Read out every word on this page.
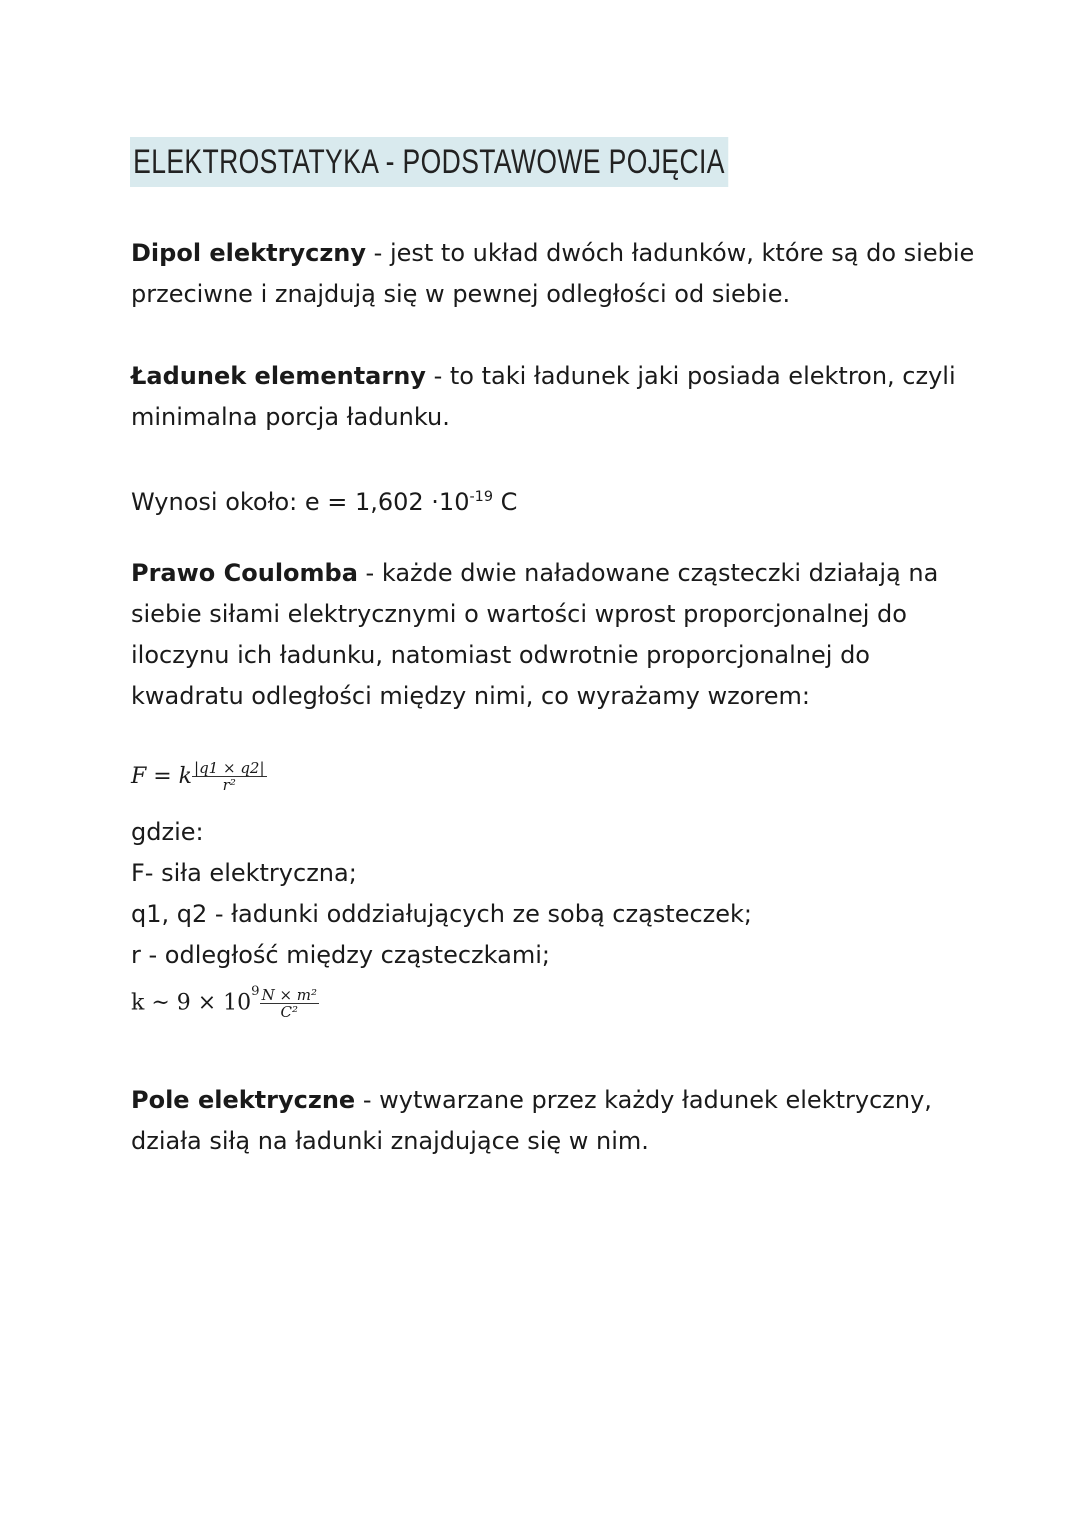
ELEKTROSTATYKA - PODSTAWOWE POJĘCIA
Dipol elektryczny - jest to układ dwóch ładunków, które są do siebie
przeciwne i znajdują się w pewnej odległości od siebie.
Ładunek elementarny - to taki ładunek jaki posiada elektron, czyli
minimalna porcja ładunku.
Wynosi około: $e = 1,602 \cdot 10^{-19}$ C
Prawo Coulomba - każde dwie naładowane cząsteczki działają na
siebie siłami elektrycznymi o wartości wprost proporcjonalnej do
iloczynu ich ładunku, natomiast odwrotnie proporcjonalnej do
kwadratu odległości między nimi, co wyrażamy wzorem:
F = k $\frac{|q1 \times q2|}{\text{r²}}$
gdzie:
F- siła elektryczna;
q1, q2 - ładunki oddziałujących ze sobą cząsteczek;
r - odległość między cząsteczkami;
k ~ $9 \times 10^9 \frac{\text{N × m²}}{\text{C²}}$
Pole elektryczne - wytwarzane przez każdy ładunek elektryczny,
działa siłą na ładunki znajdujące się w nim.
